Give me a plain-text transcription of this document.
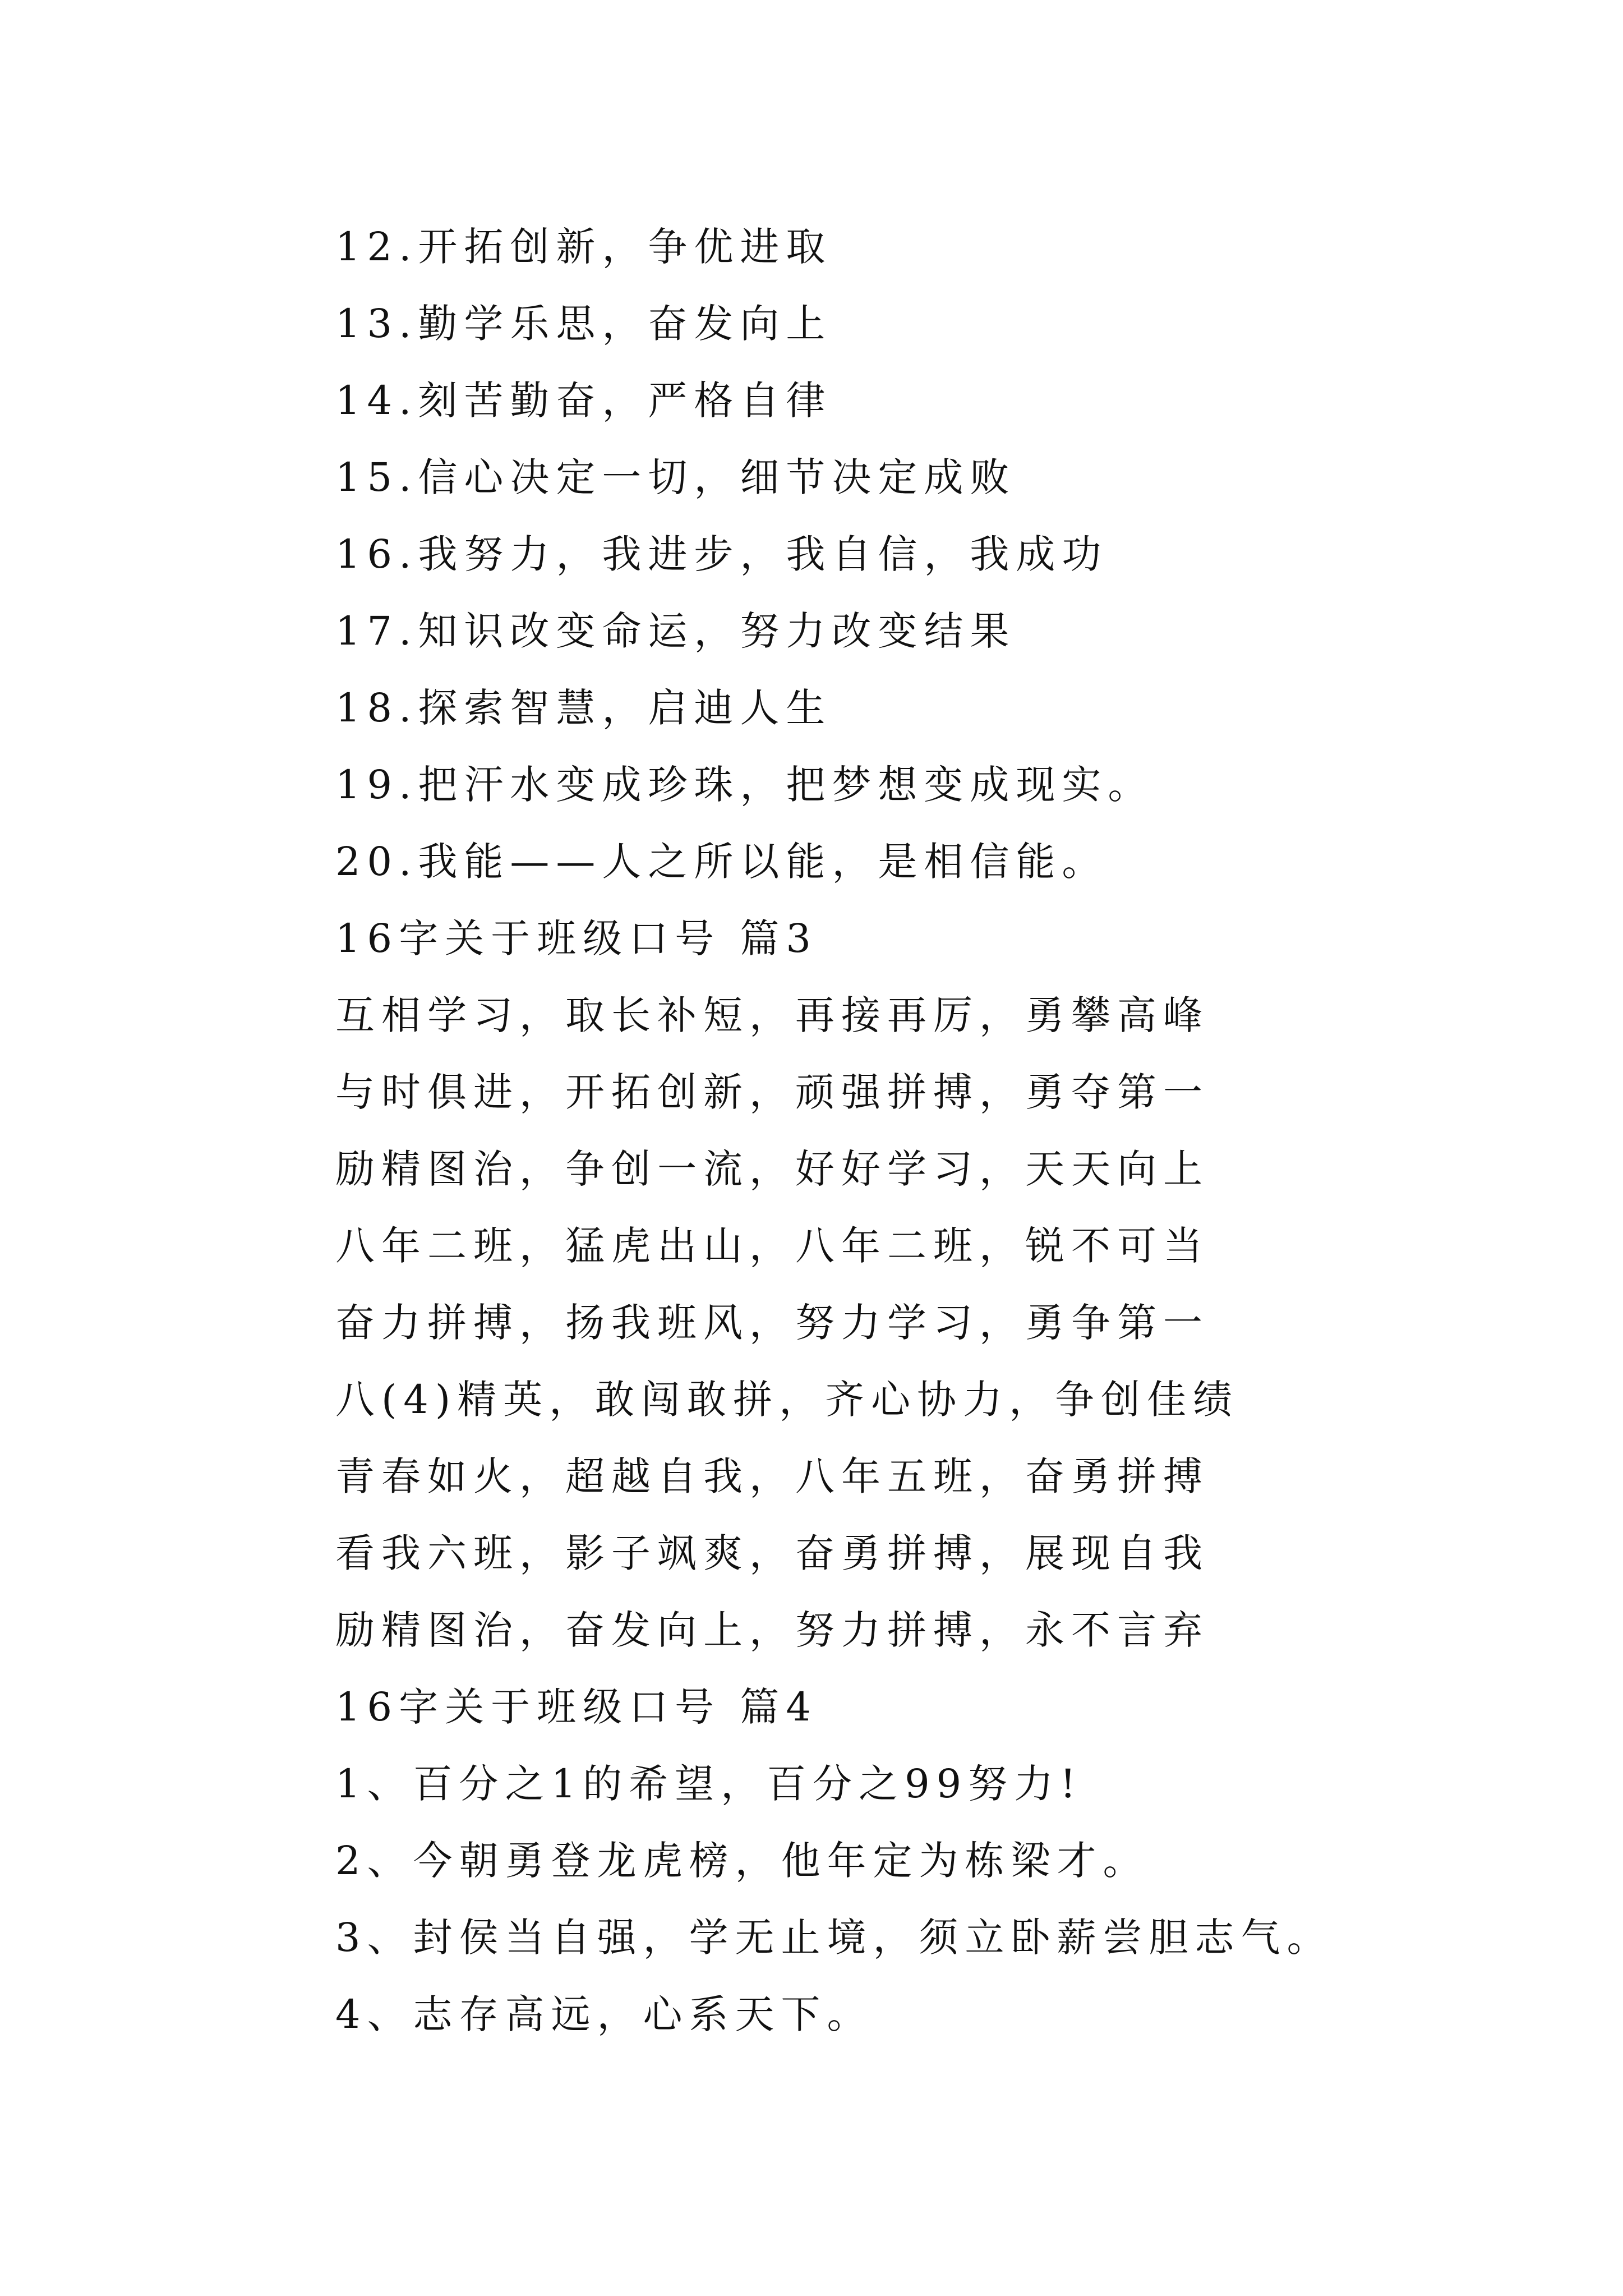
12.开拓创新，争优进取
13.勤学乐思，奋发向上
14.刻苦勤奋，严格自律
15.信心决定一切，细节决定成败
16.我努力，我进步，我自信，我成功
17.知识改变命运，努力改变结果
18.探索智慧，启迪人生
19.把汗水变成珍珠，把梦想变成现实。
20.我能——人之所以能，是相信能。
16字关于班级口号 篇3
互相学习，取长补短，再接再厉，勇攀高峰
与时俱进，开拓创新，顽强拼搏，勇夺第一
励精图治，争创一流，好好学习，天天向上
八年二班，猛虎出山，八年二班，锐不可当
奋力拼搏，扬我班风，努力学习，勇争第一
八(4)精英，敢闯敢拼，齐心协力，争创佳绩
青春如火，超越自我，八年五班，奋勇拼搏
看我六班，影子飒爽，奋勇拼搏，展现自我
励精图治，奋发向上，努力拼搏，永不言弃
16字关于班级口号 篇4
1、百分之1的希望，百分之99努力!
2、今朝勇登龙虎榜，他年定为栋梁才。
3、封侯当自强，学无止境，须立卧薪尝胆志气。
4、志存高远，心系天下。
